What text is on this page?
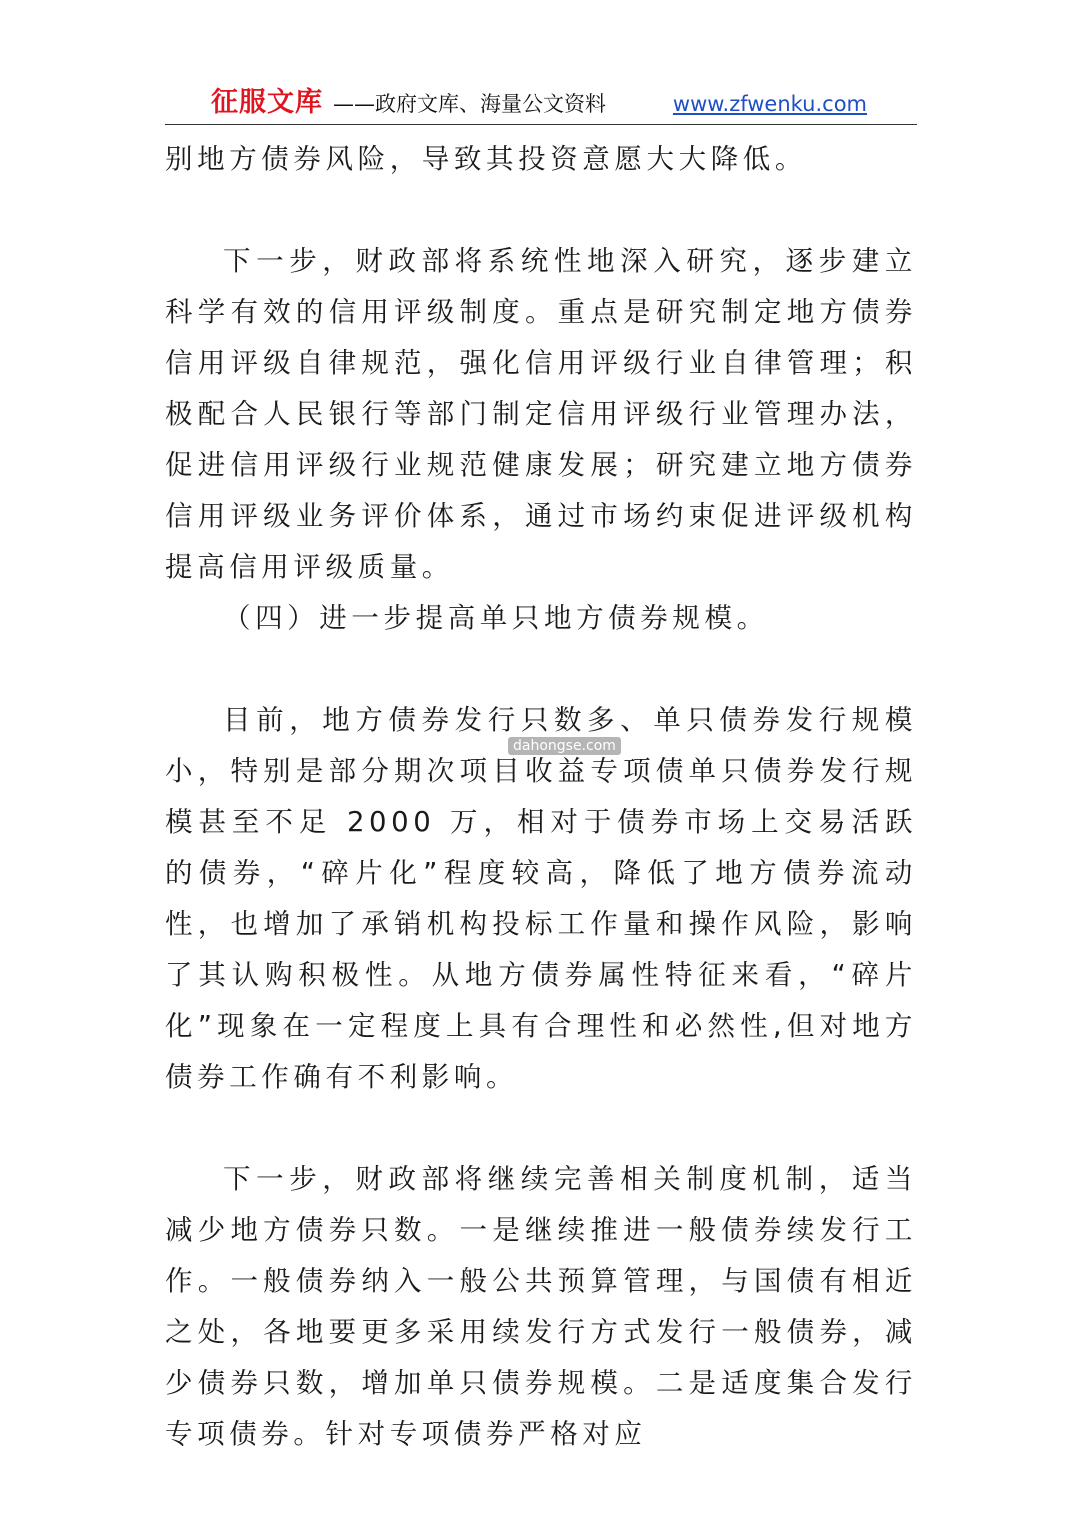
征服文库 ——政府文库、海量公文资料	www.zfwenku.com

别地方债券风险，导致其投资意愿大大降低。

下一步，财政部将系统性地深入研究，逐步建立科学有效的信用评级制度。重点是研究制定地方债券信用评级自律规范，强化信用评级行业自律管理；积极配合人民银行等部门制定信用评级行业管理办法，促进信用评级行业规范健康发展；研究建立地方债券信用评级业务评价体系，通过市场约束促进评级机构提高信用评级质量。

（四）进一步提高单只地方债券规模。

目前，地方债券发行只数多、单只债券发行规模小，特别是部分期次项目收益专项债单只债券发行规模甚至不足 2000 万，相对于债券市场上交易活跃的债券，“碎片化”程度较高，降低了地方债券流动性，也增加了承销机构投标工作量和操作风险，影响了其认购积极性。从地方债券属性特征来看，“碎片化”现象在一定程度上具有合理性和必然性,但对地方债券工作确有不利影响。

下一步，财政部将继续完善相关制度机制，适当减少地方债券只数。一是继续推进一般债券续发行工作。一般债券纳入一般公共预算管理，与国债有相近之处，各地要更多采用续发行方式发行一般债券，减少债券只数，增加单只债券规模。二是适度集合发行专项债券。针对专项债券严格对应

dahongse.com
